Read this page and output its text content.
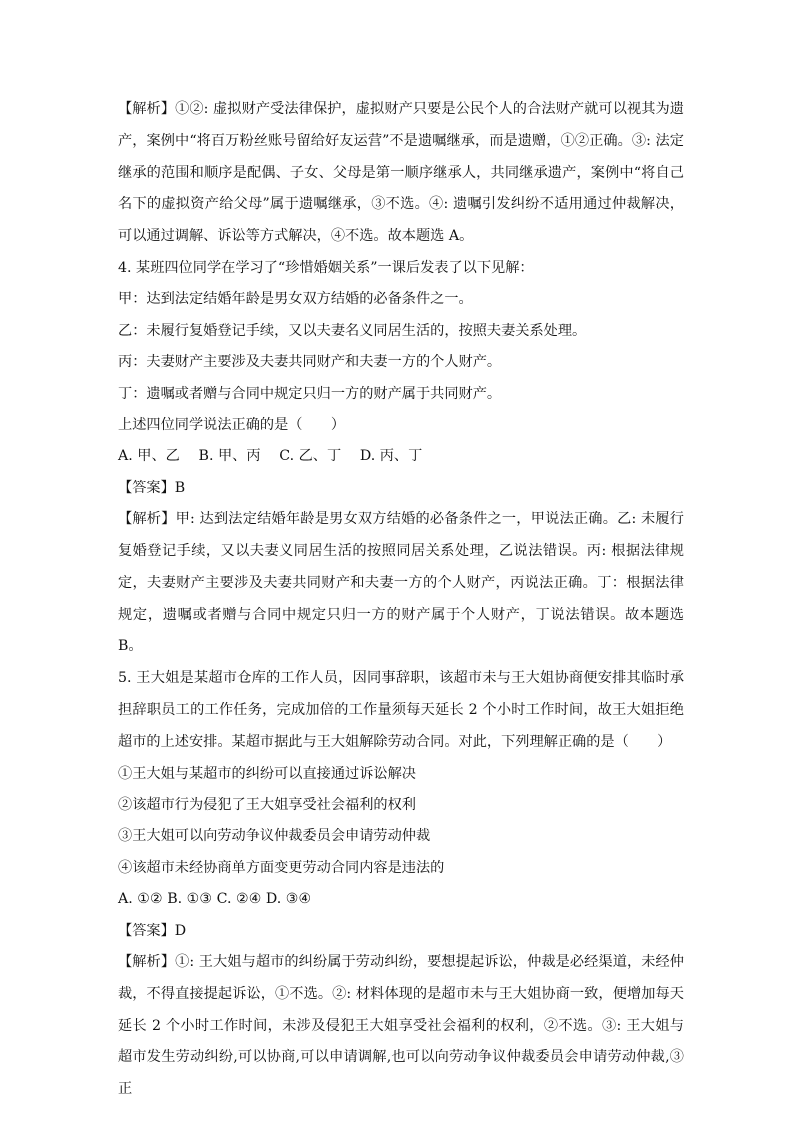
【解析】①②: 虚拟财产受法律保护，虚拟财产只要是公民个人的合法财产就可以视其为遗产，案例中“将百万粉丝账号留给好友运营”不是遗嘱继承，而是遗赠，①②正确。③: 法定继承的范围和顺序是配偶、子女、父母是第一顺序继承人，共同继承遗产，案例中“将自己名下的虚拟资产给父母”属于遗嘱继承，③不选。④: 遗嘱引发纠纷不适用通过仲裁解决，可以通过调解、诉讼等方式解决，④不选。故本题选 A。

4. 某班四位同学在学习了“珍惜婚姻关系”一课后发表了以下见解：

甲：达到法定结婚年龄是男女双方结婚的必备条件之一。

乙：未履行复婚登记手续，又以夫妻名义同居生活的，按照夫妻关系处理。

丙：夫妻财产主要涉及夫妻共同财产和夫妻一方的个人财产。

丁：遗嘱或者赠与合同中规定只归一方的财产属于共同财产。

上述四位同学说法正确的是（　　）

A. 甲、乙　 B. 甲、丙　 C. 乙、丁　 D. 丙、丁

【答案】B

【解析】甲: 达到法定结婚年龄是男女双方结婚的必备条件之一，甲说法正确。乙: 未履行复婚登记手续，又以夫妻义同居生活的按照同居关系处理，乙说法错误。丙: 根据法律规定，夫妻财产主要涉及夫妻共同财产和夫妻一方的个人财产，丙说法正确。丁：根据法律规定，遗嘱或者赠与合同中规定只归一方的财产属于个人财产，丁说法错误。故本题选 B。

5. 王大姐是某超市仓库的工作人员，因同事辞职，该超市未与王大姐协商便安排其临时承担辞职员工的工作任务，完成加倍的工作量须每天延长 2 个小时工作时间，故王大姐拒绝超市的上述安排。某超市据此与王大姐解除劳动合同。对此，下列理解正确的是（　　）

①王大姐与某超市的纠纷可以直接通过诉讼解决

②该超市行为侵犯了王大姐享受社会福利的权利

③王大姐可以向劳动争议仲裁委员会申请劳动仲裁

④该超市未经协商单方面变更劳动合同内容是违法的

A. ①② B. ①③ C. ②④ D. ③④

【答案】D

【解析】①: 王大姐与超市的纠纷属于劳动纠纷，要想提起诉讼，仲裁是必经渠道，未经仲裁，不得直接提起诉讼，①不选。②: 材料体现的是超市未与王大姐协商一致，便增加每天延长 2 个小时工作时间，未涉及侵犯王大姐享受社会福利的权利，②不选。③: 王大姐与超市发生劳动纠纷,可以协商,可以申请调解,也可以向劳动争议仲裁委员会申请劳动仲裁,③正
